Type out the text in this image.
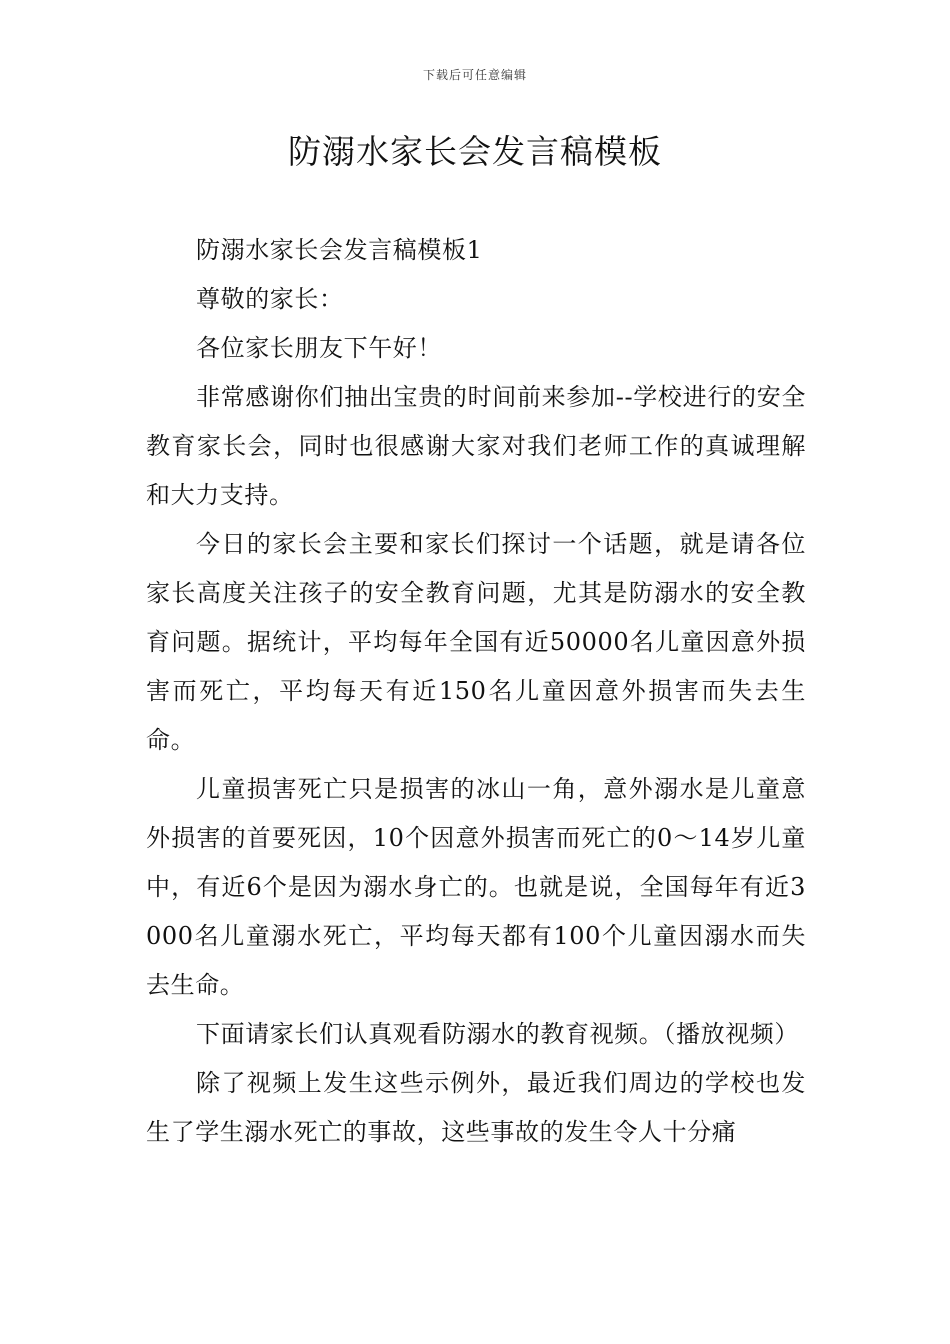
下载后可任意编辑
防溺水家长会发言稿模板

防溺水家长会发言稿模板1

尊敬的家长：

各位家长朋友下午好！

非常感谢你们抽出宝贵的时间前来参加--学校进行的安全教育家长会，同时也很感谢大家对我们老师工作的真诚理解和大力支持。

今日的家长会主要和家长们探讨一个话题，就是请各位家长高度关注孩子的安全教育问题，尤其是防溺水的安全教育问题。据统计，平均每年全国有近50000名儿童因意外损害而死亡，平均每天有近150名儿童因意外损害而失去生命。

儿童损害死亡只是损害的冰山一角，意外溺水是儿童意外损害的首要死因，10个因意外损害而死亡的0～14岁儿童中，有近6个是因为溺水身亡的。也就是说，全国每年有近3000名儿童溺水死亡，平均每天都有100个儿童因溺水而失去生命。

下面请家长们认真观看防溺水的教育视频。（播放视频）

除了视频上发生这些示例外，最近我们周边的学校也发生了学生溺水死亡的事故，这些事故的发生令人十分痛
